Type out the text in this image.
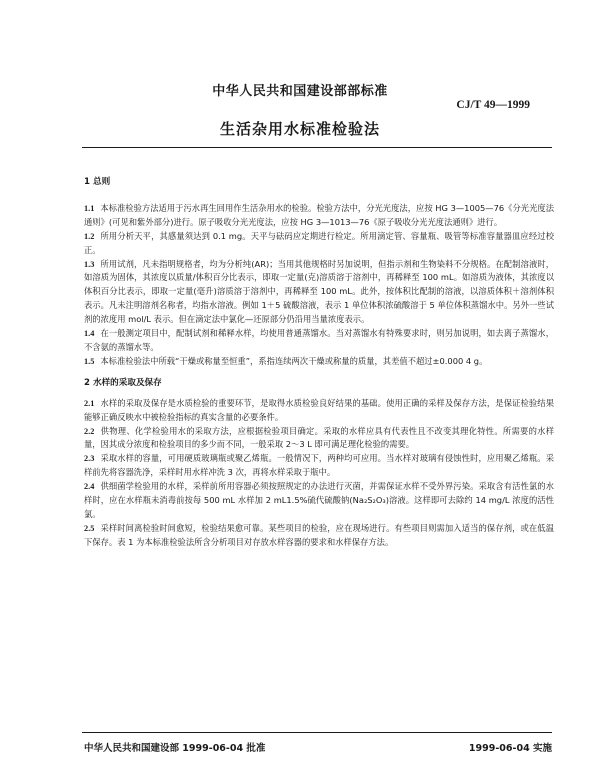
中华人民共和国建设部部标准
CJ/T 49—1999
生活杂用水标准检验法
1 总则

1.1 本标准检验方法适用于污水再生回用作生活杂用水的检验。检验方法中，分光光度法，应按 HG 3—1005—76《分光光度法通则》(可见和紫外部分)进行。原子吸收分光光度法，应按 HG 3—1013—76《原子吸收分光光度法通则》进行。

1.2 所用分析天平，其感量须达到 0.1 mg。天平与砝码应定期进行检定。所用滴定管、容量瓶、吸管等标准容量器皿应经过校正。

1.3 所用试剂，凡未指明规格者，均为分析纯(AR)；当用其他规格时另加说明，但指示剂和生物染料不分规格。在配制溶液时，如溶质为固体，其浓度以质量/体积百分比表示，即取一定量(克)溶质溶于溶剂中，再稀释至 100 mL。如溶质为液体，其浓度以体积百分比表示，即取一定量(毫升)溶质溶于溶剂中，再稀释至 100 mL。此外，按体积比配制的溶液，以溶质体积＋溶剂体积表示。凡未注明溶剂名称者，均指水溶液。例如 1＋5 硫酸溶液，表示 1 单位体积浓硫酸溶于 5 单位体积蒸馏水中。另外一些试剂的浓度用 mol/L 表示。但在滴定法中氯化—还原部分仍沿用当量浓度表示。

1.4 在一般测定项目中，配制试剂和稀释水样，均使用普通蒸馏水。当对蒸馏水有特殊要求时，则另加说明，如去离子蒸馏水，不含氨的蒸馏水等。

1.5 本标准检验法中所载“干燥或称量至恒重”，系指连续两次干燥或称量的质量，其差值不超过±0.000 4 g。

2 水样的采取及保存

2.1 水样的采取及保存是水质检验的重要环节，是取得水质检验良好结果的基础。使用正确的采样及保存方法，是保证检验结果能够正确反映水中被检验指标的真实含量的必要条件。

2.2 供物理、化学检验用水的采取方法，应根据检验项目确定。采取的水样应具有代表性且不改变其理化特性。所需要的水样量，因其成分浓度和检验项目的多少而不同，一般采取 2～3 L 即可满足理化检验的需要。

2.3 采取水样的容量，可用硬质玻璃瓶或聚乙烯瓶。一般情况下，两种均可应用。当水样对玻璃有侵蚀性时，应用聚乙烯瓶。采样前先将容器洗净，采样时用水样冲洗 3 次，再将水样采取于瓶中。

2.4 供细菌学检验用的水样，采样前所用容器必须按照规定的办法进行灭菌，并需保证水样不受外界污染。采取含有活性氯的水样时，应在水样瓶未消毒前按每 500 mL 水样加 2 mL1.5%硫代硫酸钠(Na₂S₂O₃)溶液。这样即可去除约 14 mg/L 浓度的活性氯。

2.5 采样时间离检验时间愈短，检验结果愈可靠。某些项目的检验，应在现场进行。有些项目则需加入适当的保存剂，或在低温下保存。表 1 为本标准检验法所含分析项目对存放水样容器的要求和水样保存方法。

中华人民共和国建设部 1999-06-04 批准	1999-06-04 实施
